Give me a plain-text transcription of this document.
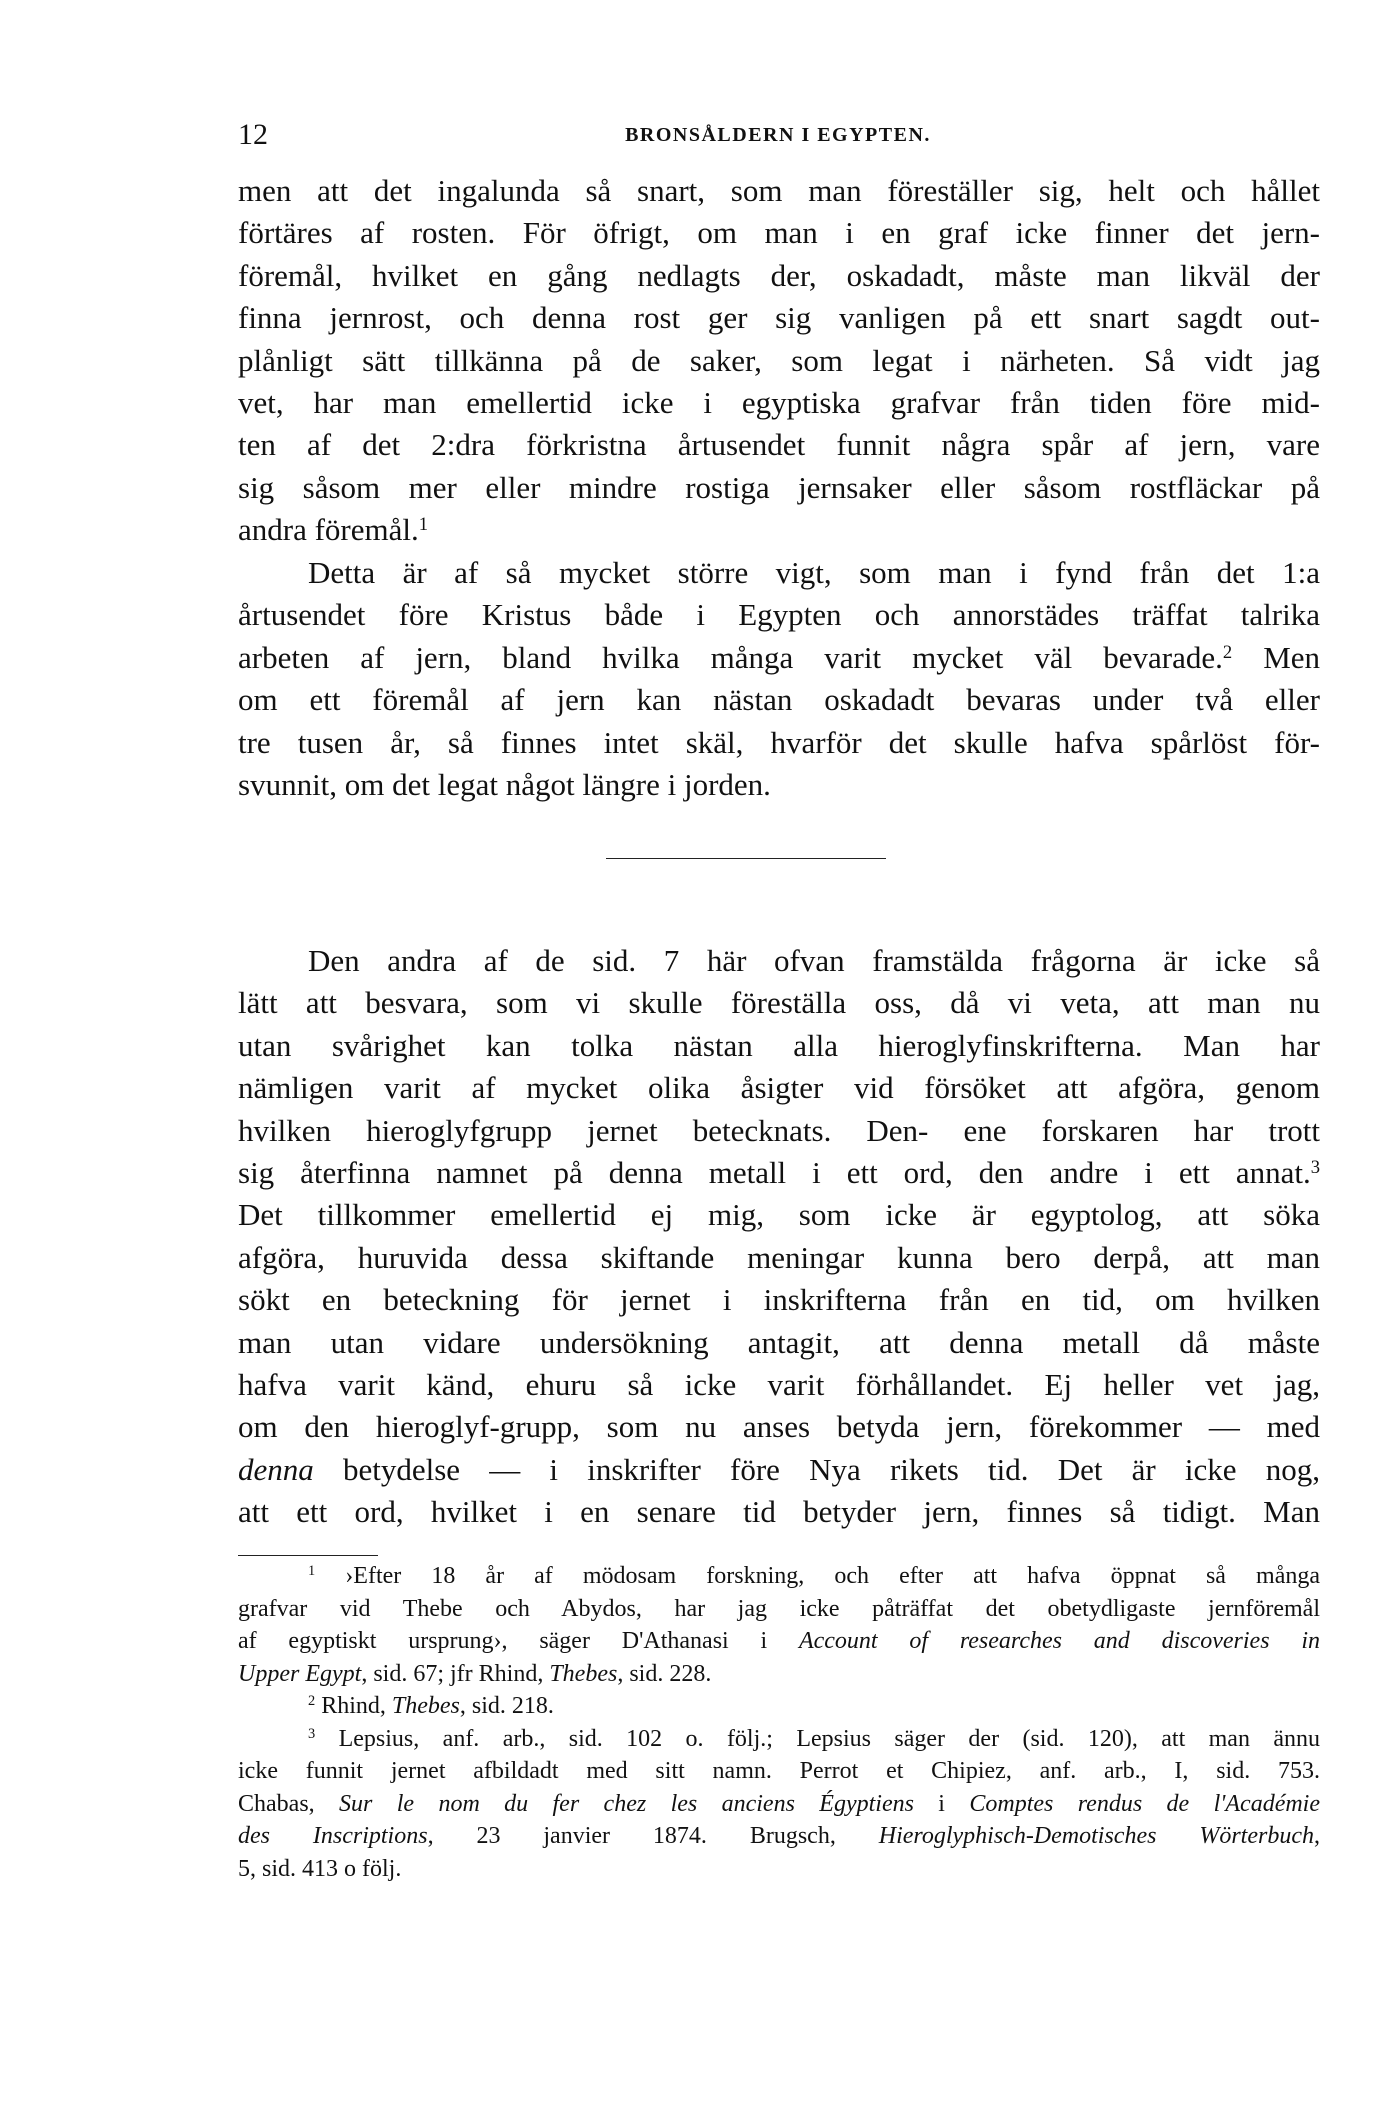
12	BRONSÅLDERN I EGYPTEN.
men att det ingalunda så snart, som man föreställer sig, helt och hållet
förtäres af rosten. För öfrigt, om man i en graf icke finner det jern-
föremål, hvilket en gång nedlagts der, oskadadt, måste man likväl der
finna jernrost, och denna rost ger sig vanligen på ett snart sagdt out-
plånligt sätt tillkänna på de saker, som legat i närheten. Så vidt jag
vet, har man emellertid icke i egyptiska grafvar från tiden före mid-
ten af det 2:dra förkristna årtusendet funnit några spår af jern, vare
sig såsom mer eller mindre rostiga jernsaker eller såsom rostfläckar på
andra föremål.$^1$
Detta är af så mycket större vigt, som man i fynd från det 1:a
årtusendet före Kristus både i Egypten och annorstädes träffat talrika
arbeten af jern, bland hvilka många varit mycket väl bevarade.$^2$ Men
om ett föremål af jern kan nästan oskadadt bevaras under två eller
tre tusen år, så finnes intet skäl, hvarför det skulle hafva spårlöst för-
svunnit, om det legat något längre i jorden.
Den andra af de sid. 7 här ofvan framstälda frågorna är icke så
lätt att besvara, som vi skulle föreställa oss, då vi veta, att man nu
utan svårighet kan tolka nästan alla hieroglyfinskrifterna. Man har
nämligen varit af mycket olika åsigter vid försöket att afgöra, genom
hvilken hieroglyfgrupp jernet betecknats. Den- ene forskaren har trott
sig återfinna namnet på denna metall i ett ord, den andre i ett annat.$^3$
Det tillkommer emellertid ej mig, som icke är egyptolog, att söka
afgöra, huruvida dessa skiftande meningar kunna bero derpå, att man
sökt en beteckning för jernet i inskrifterna från en tid, om hvilken
man utan vidare undersökning antagit, att denna metall då måste
hafva varit känd, ehuru så icke varit förhållandet. Ej heller vet jag,
om den hieroglyf-grupp, som nu anses betyda jern, förekommer — med
denna betydelse — i inskrifter före Nya rikets tid. Det är icke nog,
att ett ord, hvilket i en senare tid betyder jern, finnes så tidigt. Man
$^1$ ›Efter 18 år af mödosam forskning, och efter att hafva öppnat så många
grafvar vid Thebe och Abydos, har jag icke påträffat det obetydligaste jernföremål
af egyptiskt ursprung›, säger D'Athanasi i Account of researches and discoveries in
Upper Egypt, sid. 67; jfr Rhind, Thebes, sid. 228.
$^2$ Rhind, Thebes, sid. 218.
$^3$ Lepsius, anf. arb., sid. 102 o. följ.; Lepsius säger der (sid. 120), att man ännu
icke funnit jernet afbildadt med sitt namn. Perrot et Chipiez, anf. arb., I, sid. 753.
Chabas, Sur le nom du fer chez les anciens Égyptiens i Comptes rendus de l'Académie
des Inscriptions, 23 janvier 1874. Brugsch, Hieroglyphisch-Demotisches Wörterbuch,
5, sid. 413 o följ.
